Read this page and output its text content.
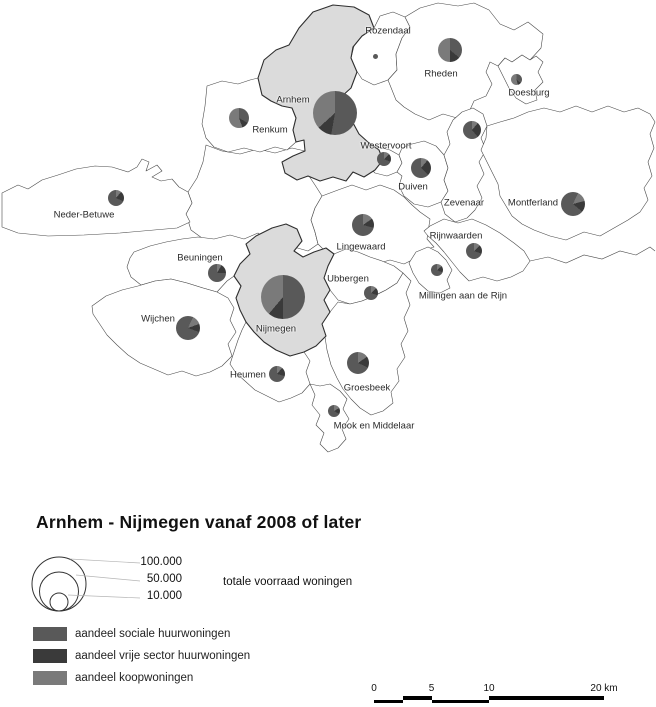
Neder-Betuwe
Renkum
Rozendaal
Rheden
Doesburg
Westervoort
Duiven
Zevenaar	Montferland
Lingewaard
Rijnwaarden
Millingen aan de Rijn
Ubbergen
Beuningen
Wijchen
Heumen
Groesbeek
Mook en Middelaar
Arnhem
Nijmegen
Arnhem - Nijmegen vanaf 2008 of later
100.000
50.000
10.000
totale voorraad woningen
aandeel sociale huurwoningen
aandeel vrije sector huurwoningen
aandeel koopwoningen
0	5	10	20 km
